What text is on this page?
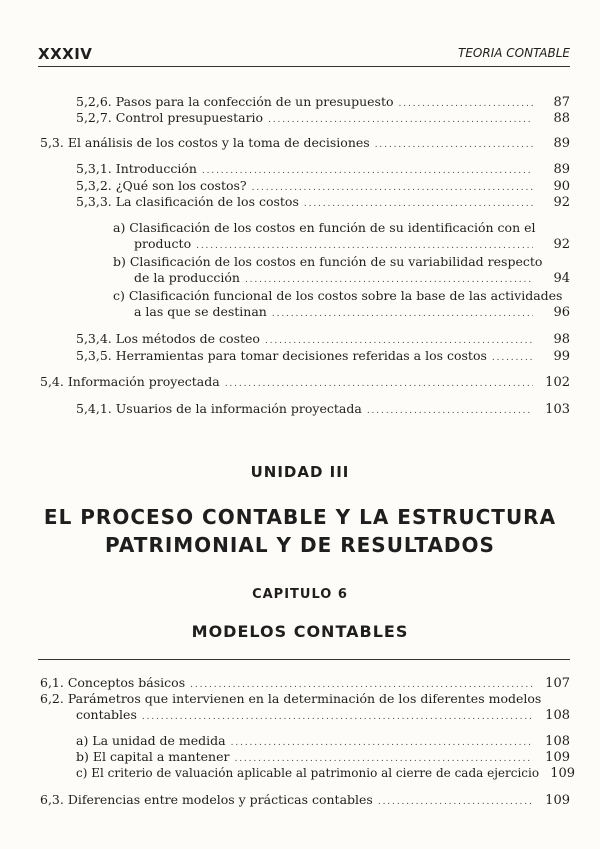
XXXIV	TEORIA CONTABLE
5,2,6. Pasos para la confección de un presupuesto . . .	87
5,2,7. Control presupuestario . . .	88
5,3. El análisis de los costos y la toma de decisiones . . .	89
5,3,1. Introducción . . .	89
5,3,2. ¿Qué son los costos? . . .	90
5,3,3. La clasificación de los costos . . .	92
a) Clasificación de los costos en función de su identificación con el
producto . . .	92
b) Clasificación de los costos en función de su variabilidad respecto
de la producción . . .	94
c) Clasificación funcional de los costos sobre la base de las actividades
a las que se destinan . . .	96
5,3,4. Los métodos de costeo . . .	98
5,3,5. Herramientas para tomar decisiones referidas a los costos . . .	99
5,4. Información proyectada . . .	102
5,4,1. Usuarios de la información proyectada . . .	103
UNIDAD III
EL PROCESO CONTABLE Y LA ESTRUCTURA
PATRIMONIAL Y DE RESULTADOS
CAPITULO 6
MODELOS CONTABLES
6,1. Conceptos básicos . . .	107
6,2. Parámetros que intervienen en la determinación de los diferentes modelos
contables . . .	108
a) La unidad de medida . . .	108
b) El capital a mantener . . .	109
c) El criterio de valuación aplicable al patrimonio al cierre de cada ejercicio 109
6,3. Diferencias entre modelos y prácticas contables . . .	109
